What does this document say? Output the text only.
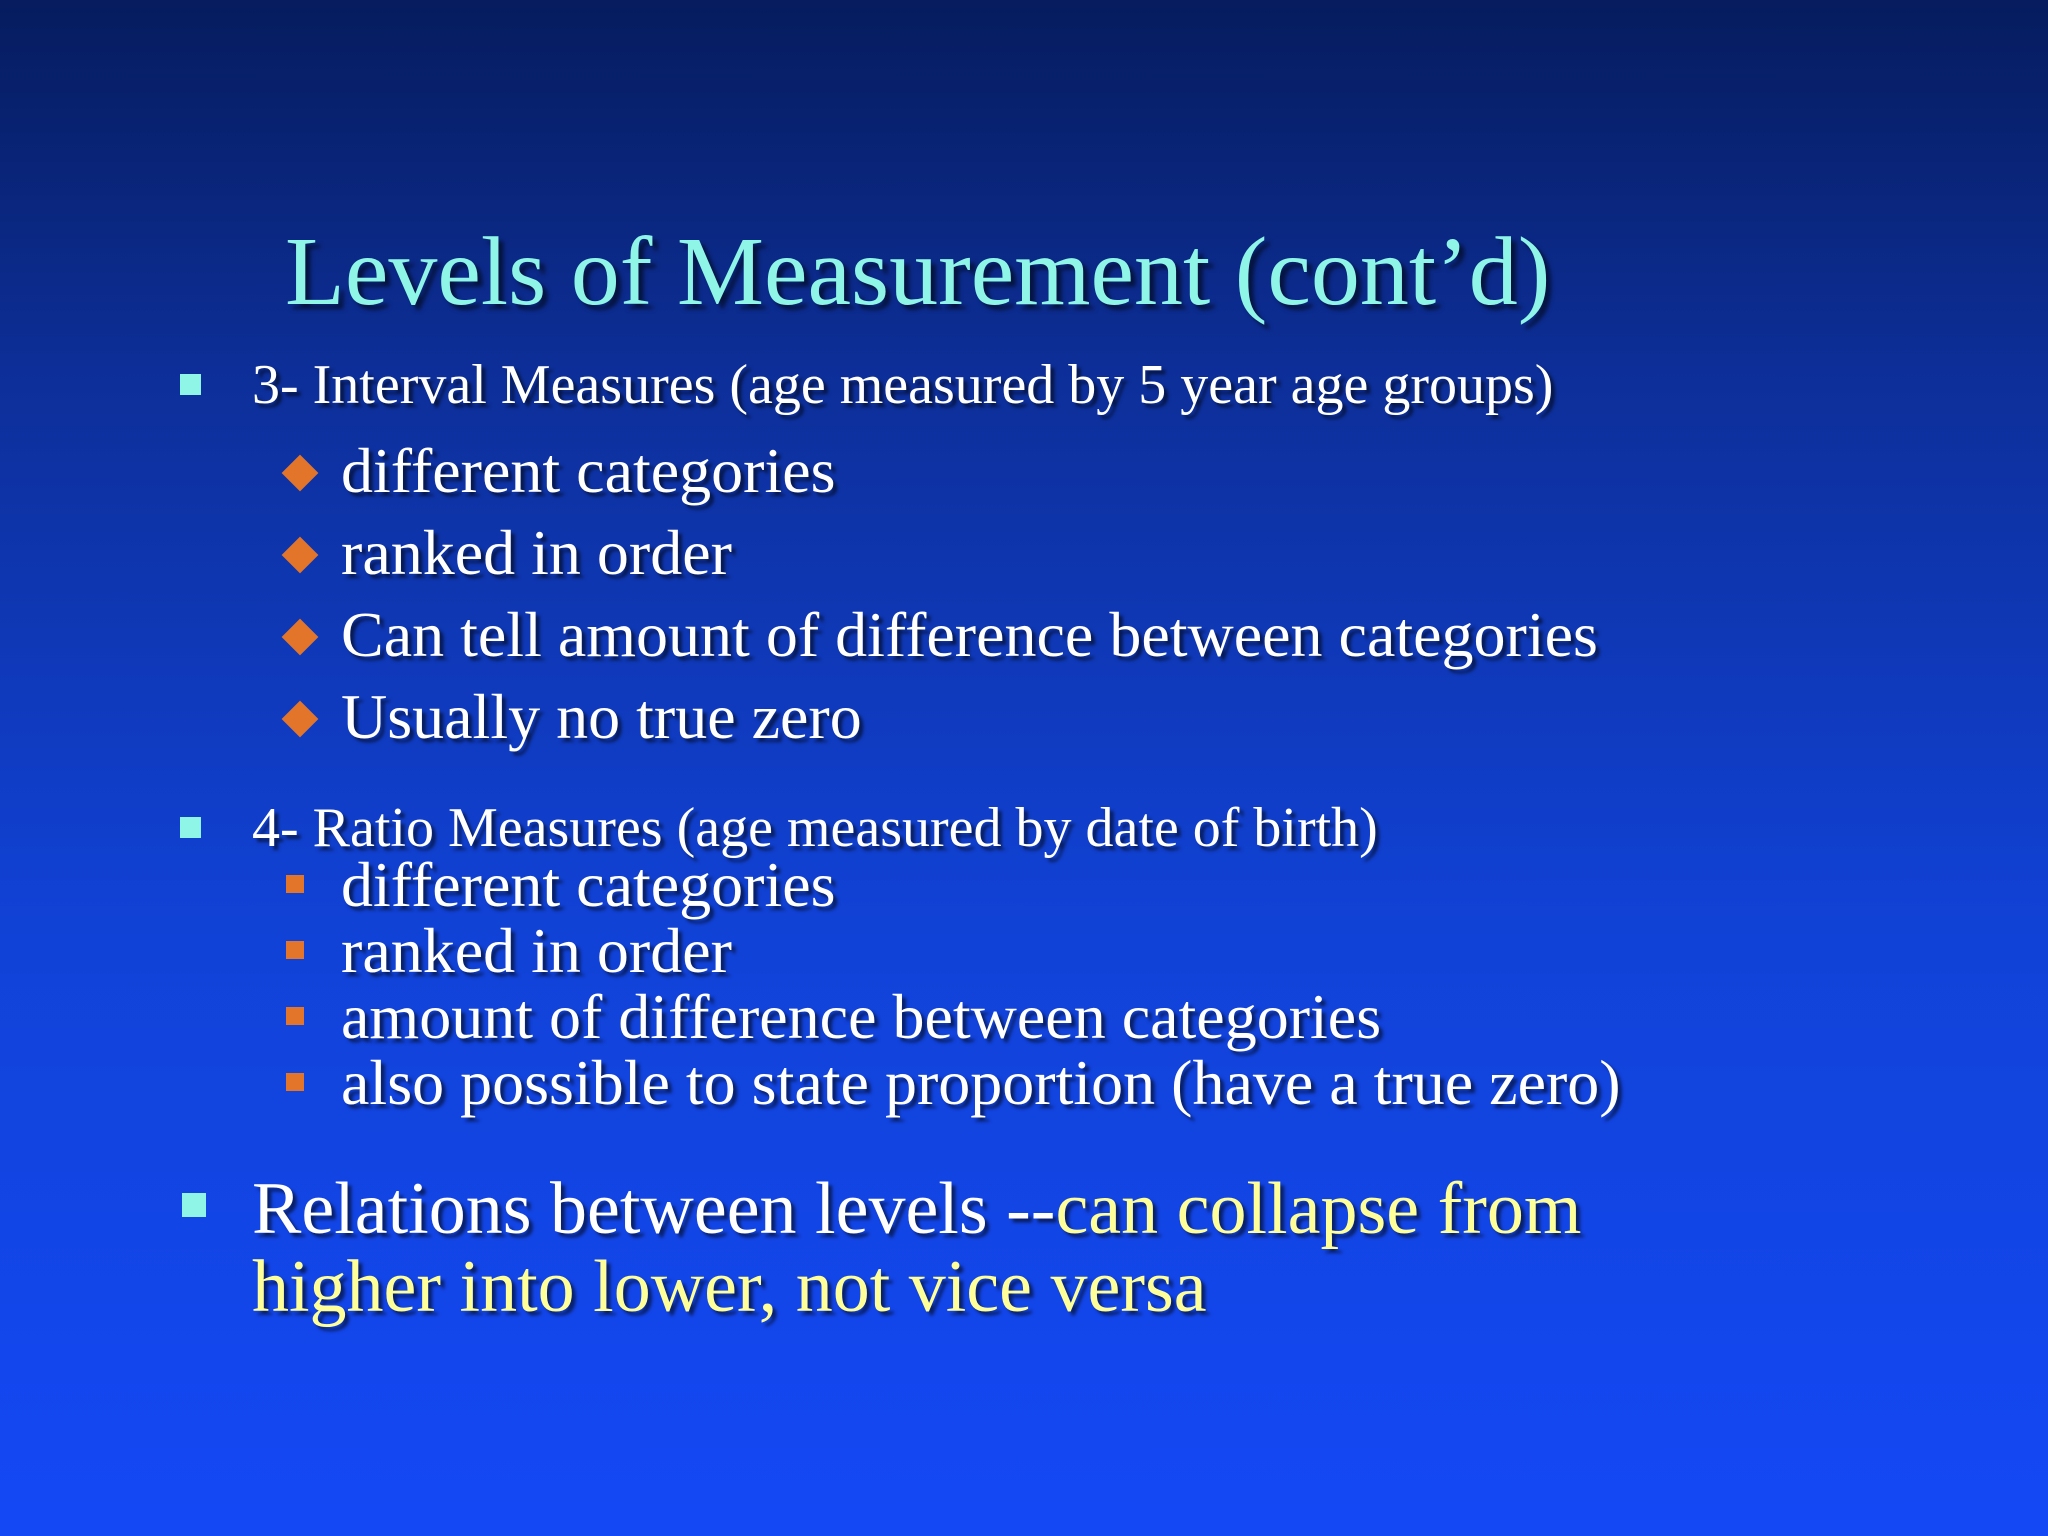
Levels of Measurement (cont’d)
3- Interval Measures (age measured by 5 year age groups)
different categories
ranked in order
Can tell amount of difference between categories
Usually no true zero
4- Ratio Measures (age measured by date of birth)
different categories
ranked in order
amount of difference between categories
also possible to state proportion (have a true zero)
Relations between levels --can collapse from
higher into lower, not vice versa
